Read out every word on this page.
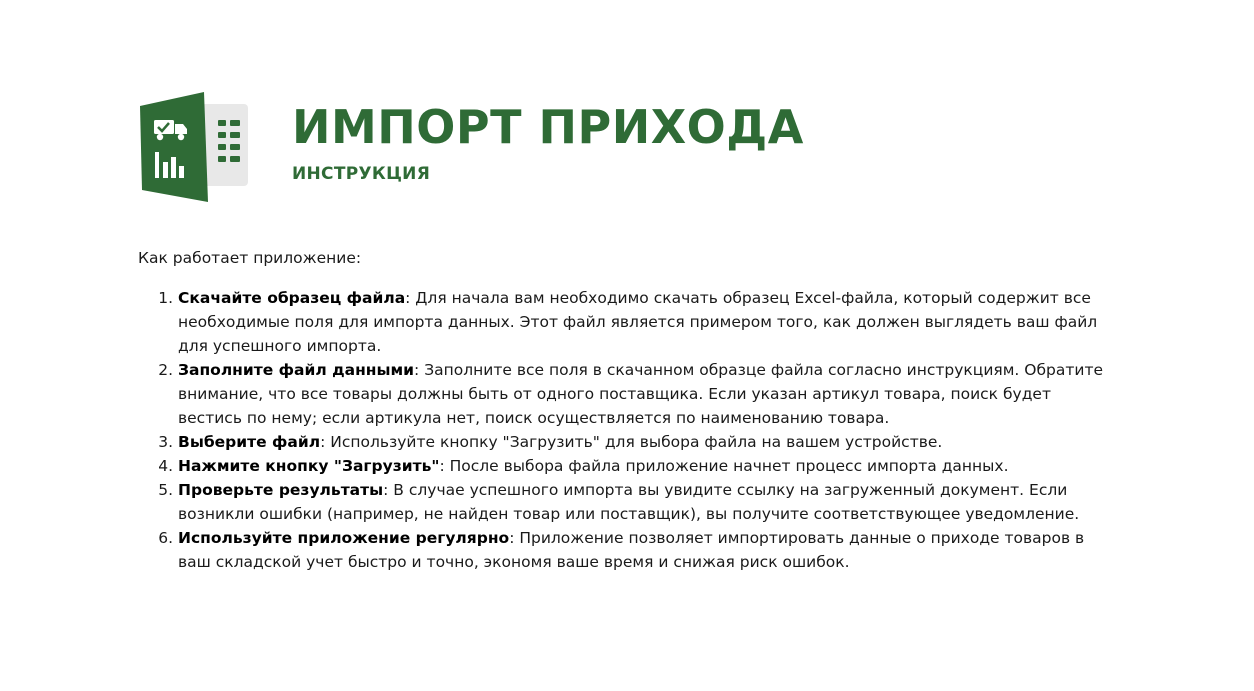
ИМПОРТ ПРИХОДА
ИНСТРУКЦИЯ

Как работает приложение:

1. Скачайте образец файла: Для начала вам необходимо скачать образец Excel-файла, который содержит все необходимые поля для импорта данных. Этот файл является примером того, как должен выглядеть ваш файл для успешного импорта.
2. Заполните файл данными: Заполните все поля в скачанном образце файла согласно инструкциям. Обратите внимание, что все товары должны быть от одного поставщика. Если указан артикул товара, поиск будет вестись по нему; если артикула нет, поиск осуществляется по наименованию товара.
3. Выберите файл: Используйте кнопку "Загрузить" для выбора файла на вашем устройстве.
4. Нажмите кнопку "Загрузить": После выбора файла приложение начнет процесс импорта данных.
5. Проверьте результаты: В случае успешного импорта вы увидите ссылку на загруженный документ. Если возникли ошибки (например, не найден товар или поставщик), вы получите соответствующее уведомление.
6. Используйте приложение регулярно: Приложение позволяет импортировать данные о приходе товаров в ваш складской учет быстро и точно, экономя ваше время и снижая риск ошибок.
